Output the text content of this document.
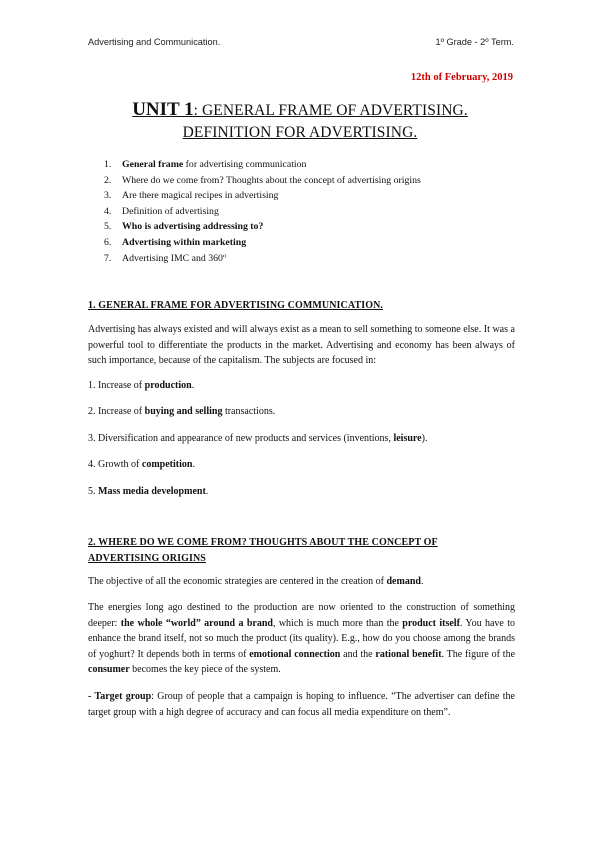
Advertising and Communication.	1º Grade - 2º Term.
12th of February, 2019
UNIT 1: GENERAL FRAME OF ADVERTISING.
DEFINITION FOR ADVERTISING.
1.	General frame for advertising communication
2.	Where do we come from? Thoughts about the concept of advertising origins
3.	Are there magical recipes in advertising
4.	Definition of advertising
5.	Who is advertising addressing to?
6.	Advertising within marketing
7.	Advertising IMC and 360º
1. GENERAL FRAME FOR ADVERTISING COMMUNICATION.

Advertising has always existed and will always exist as a mean to sell something to someone else. It was a powerful tool to differentiate the products in the market. Advertising and economy has been always of such importance, because of the capitalism. The subjects are focused in:

1. Increase of production.

2. Increase of buying and selling transactions.

3. Diversification and appearance of new products and services (inventions, leisure).

4. Growth of competition.

5. Mass media development.

2. WHERE DO WE COME FROM? THOUGHTS ABOUT THE CONCEPT OF
ADVERTISING ORIGINS

The objective of all the economic strategies are centered in the creation of demand.

The energies long ago destined to the production are now oriented to the construction of something deeper: the whole “world” around a brand, which is much more than the product itself. You have to enhance the brand itself, not so much the product (its quality). E.g., how do you choose among the brands of yoghurt? It depends both in terms of emotional connection and the rational benefit. The figure of the consumer becomes the key piece of the system.

- Target group: Group of people that a campaign is hoping to influence. “The advertiser can define the target group with a high degree of accuracy and can focus all media expenditure on them”.
